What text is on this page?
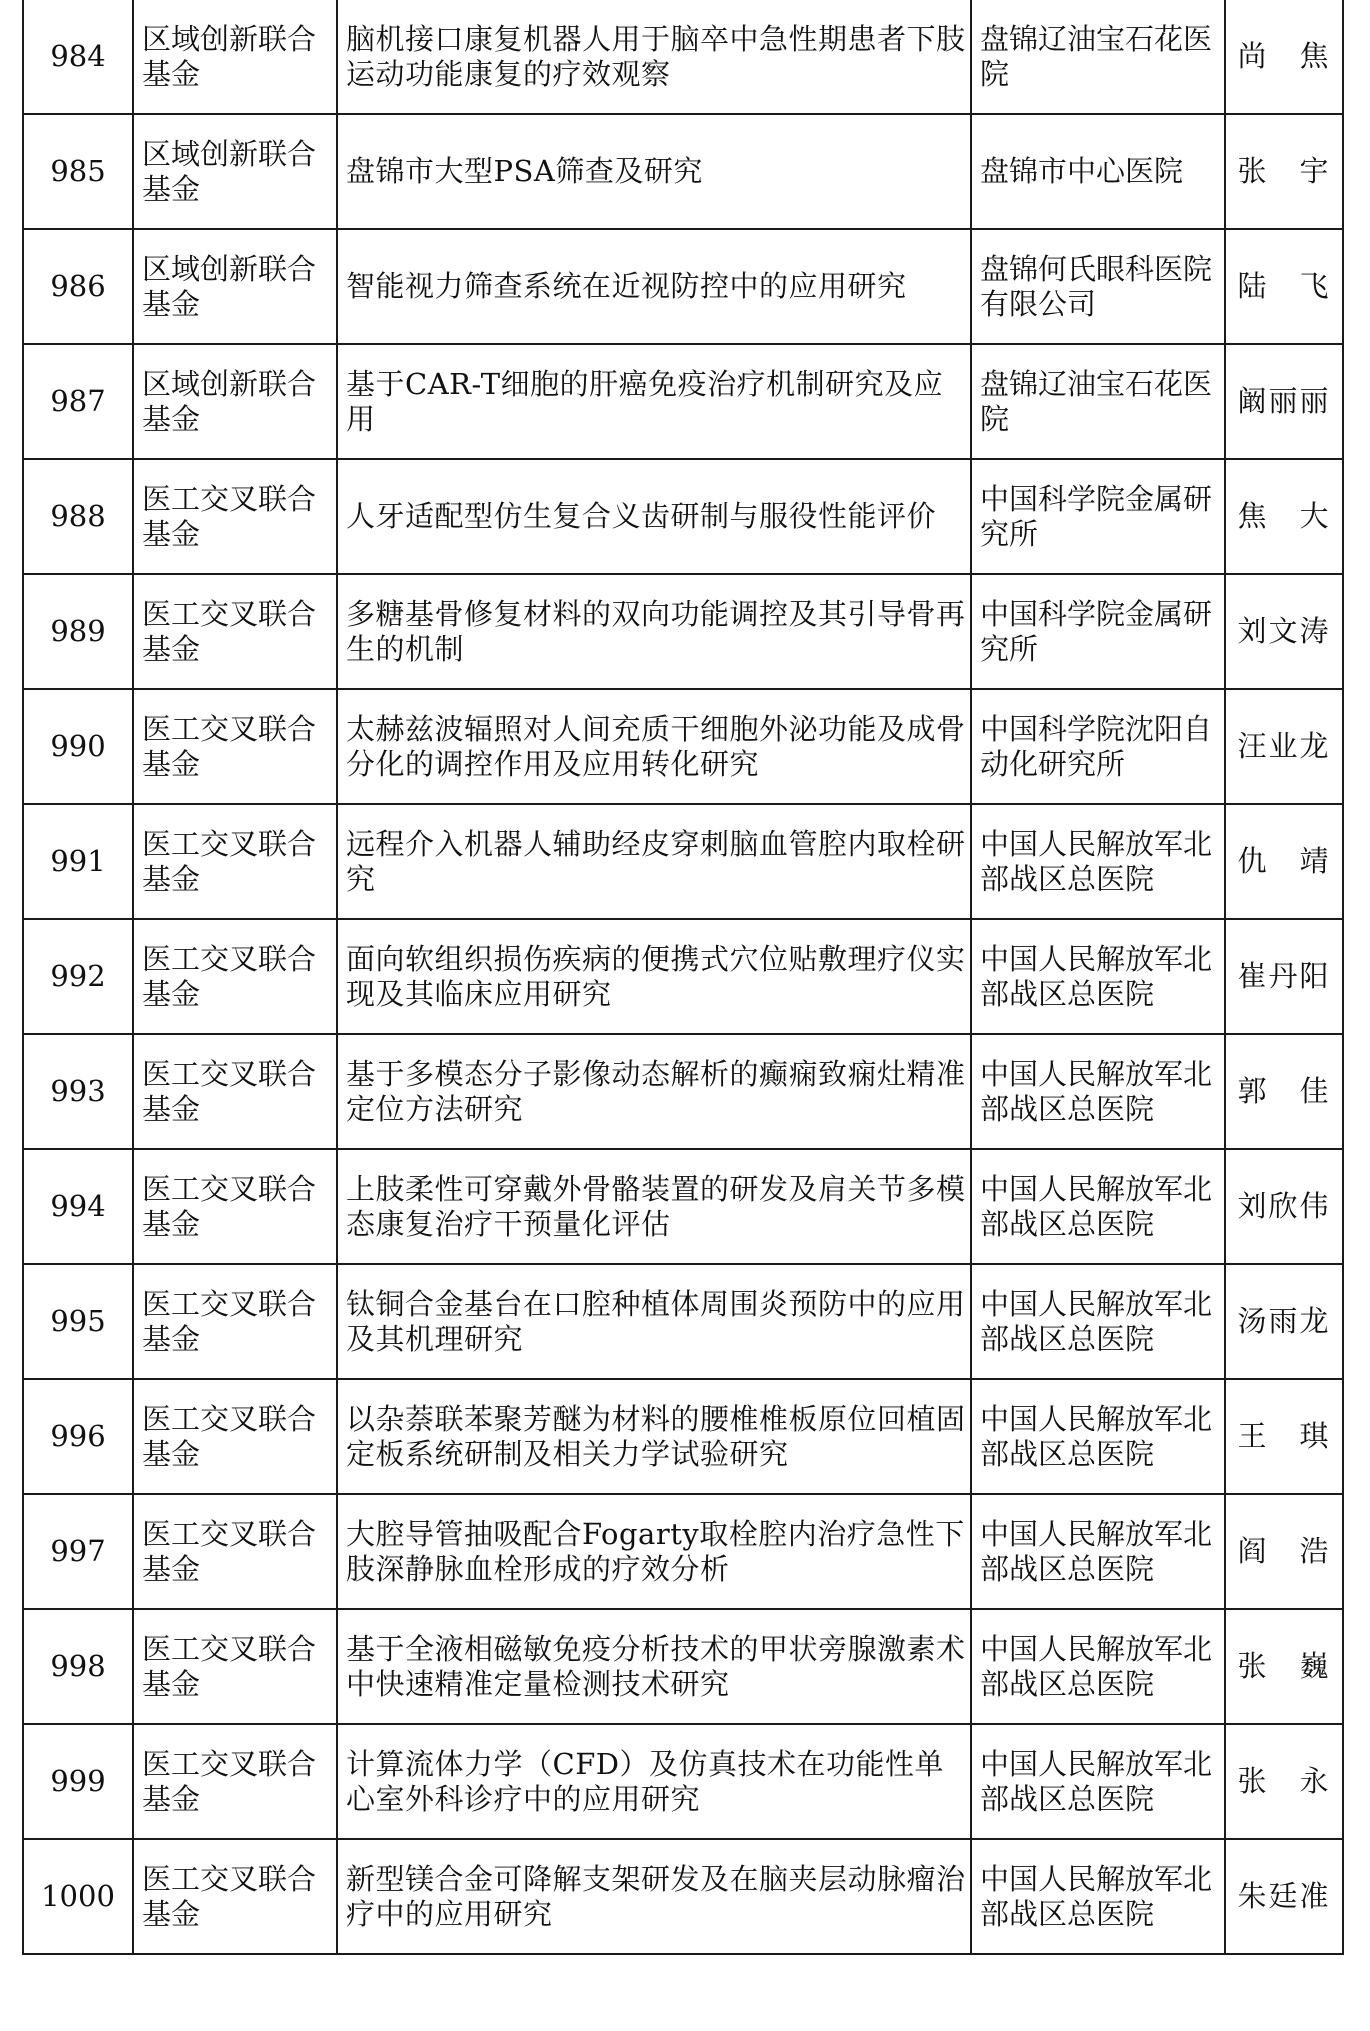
984	区域创新联合基金	脑机接口康复机器人用于脑卒中急性期患者下肢运动功能康复的疗效观察	盘锦辽油宝石花医院	尚　焦

985	区域创新联合基金	盘锦市大型PSA筛查及研究	盘锦市中心医院	张　宇

986	区域创新联合基金	智能视力筛查系统在近视防控中的应用研究	盘锦何氏眼科医院有限公司	陆　飞

987	区域创新联合基金	基于CAR-T细胞的肝癌免疫治疗机制研究及应用	盘锦辽油宝石花医院	阚丽丽

988	医工交叉联合基金	人牙适配型仿生复合义齿研制与服役性能评价	中国科学院金属研究所	焦　大

989	医工交叉联合基金	多糖基骨修复材料的双向功能调控及其引导骨再生的机制	中国科学院金属研究所	刘文涛

990	医工交叉联合基金	太赫兹波辐照对人间充质干细胞外泌功能及成骨分化的调控作用及应用转化研究	中国科学院沈阳自动化研究所	汪业龙

991	医工交叉联合基金	远程介入机器人辅助经皮穿刺脑血管腔内取栓研究	中国人民解放军北部战区总医院	仇　靖

992	医工交叉联合基金	面向软组织损伤疾病的便携式穴位贴敷理疗仪实现及其临床应用研究	中国人民解放军北部战区总医院	崔丹阳

993	医工交叉联合基金	基于多模态分子影像动态解析的癫痫致痫灶精准定位方法研究	中国人民解放军北部战区总医院	郭　佳

994	医工交叉联合基金	上肢柔性可穿戴外骨骼装置的研发及肩关节多模态康复治疗干预量化评估	中国人民解放军北部战区总医院	刘欣伟

995	医工交叉联合基金	钛铜合金基台在口腔种植体周围炎预防中的应用及其机理研究	中国人民解放军北部战区总医院	汤雨龙

996	医工交叉联合基金	以杂萘联苯聚芳醚为材料的腰椎椎板原位回植固定板系统研制及相关力学试验研究	中国人民解放军北部战区总医院	王　琪

997	医工交叉联合基金	大腔导管抽吸配合Fogarty取栓腔内治疗急性下肢深静脉血栓形成的疗效分析	中国人民解放军北部战区总医院	阎　浩

998	医工交叉联合基金	基于全液相磁敏免疫分析技术的甲状旁腺激素术中快速精准定量检测技术研究	中国人民解放军北部战区总医院	张　巍

999	医工交叉联合基金	计算流体力学（CFD）及仿真技术在功能性单心室外科诊疗中的应用研究	中国人民解放军北部战区总医院	张　永

1000	医工交叉联合基金	新型镁合金可降解支架研发及在脑夹层动脉瘤治疗中的应用研究	中国人民解放军北部战区总医院	朱廷准
